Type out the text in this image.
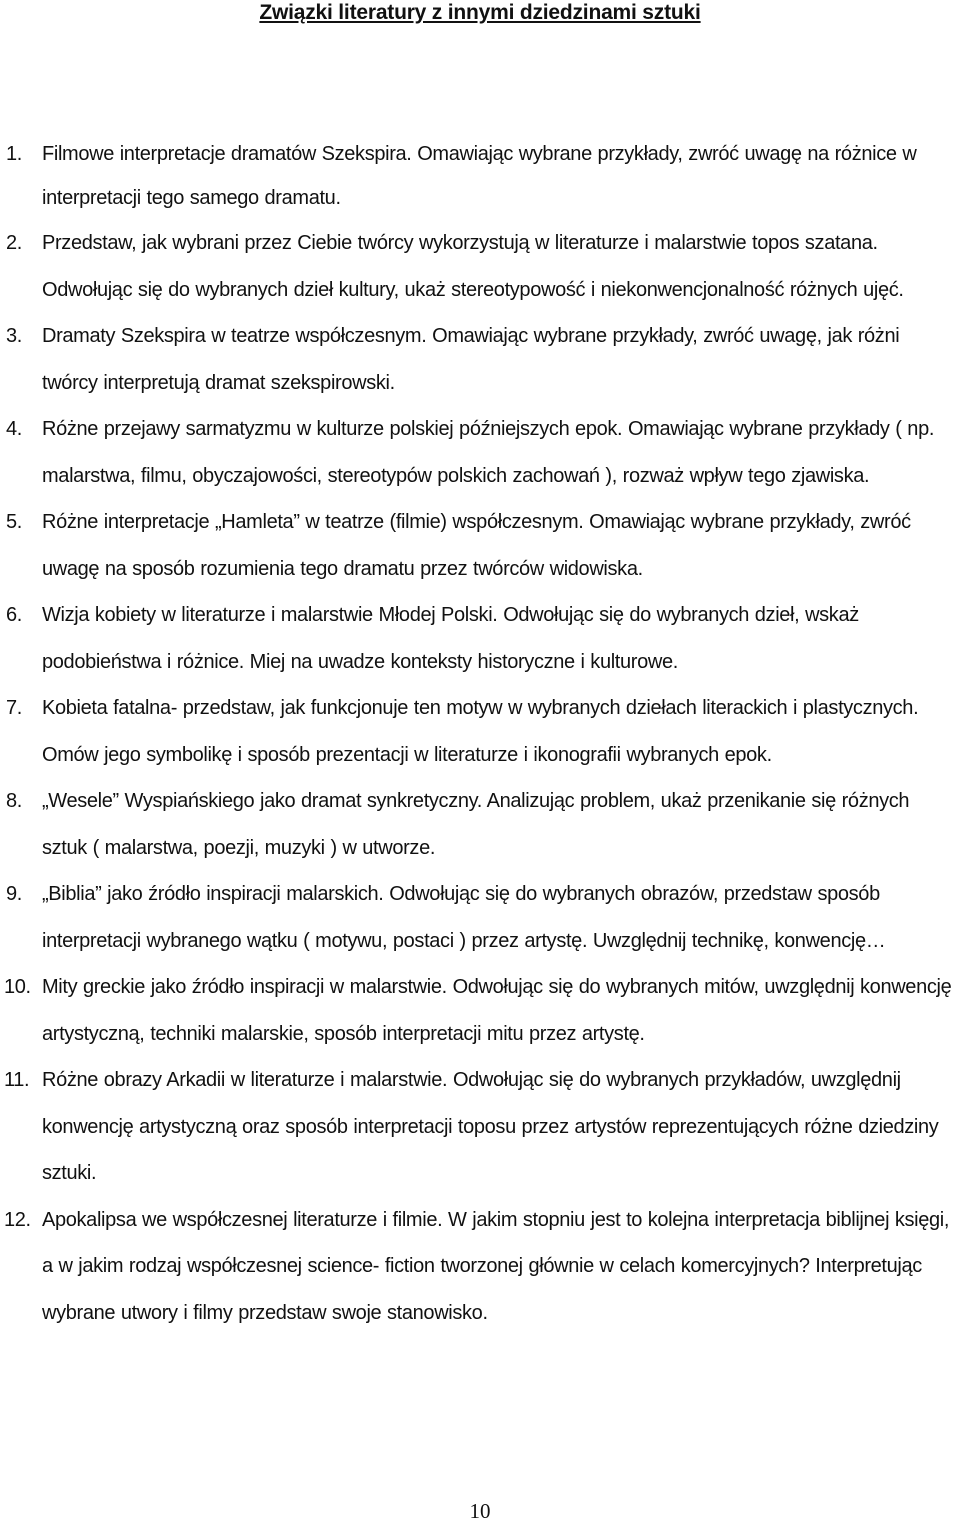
Związki literatury z innymi dziedzinami sztuki
1.	Filmowe interpretacje dramatów Szekspira. Omawiając wybrane przykłady, zwróć uwagę na różnice w interpretacji tego samego dramatu.
2.	Przedstaw, jak wybrani przez Ciebie twórcy wykorzystują w literaturze i malarstwie topos szatana. Odwołując się do wybranych dzieł kultury, ukaż stereotypowość i niekonwencjonalność różnych ujęć.
3.	Dramaty Szekspira w teatrze współczesnym. Omawiając wybrane przykłady, zwróć uwagę, jak różni twórcy interpretują dramat szekspirowski.
4.	Różne przejawy sarmatyzmu w kulturze polskiej późniejszych epok. Omawiając wybrane przykłady ( np. malarstwa, filmu, obyczajowości, stereotypów polskich zachowań ), rozważ wpływ tego zjawiska.
5.	Różne interpretacje „Hamleta” w teatrze (filmie) współczesnym. Omawiając wybrane przykłady, zwróć uwagę na sposób rozumienia tego dramatu przez twórców widowiska.
6.	Wizja kobiety w literaturze i malarstwie Młodej Polski. Odwołując się do wybranych dzieł, wskaż podobieństwa i różnice. Miej na uwadze konteksty historyczne i kulturowe.
7.	Kobieta fatalna- przedstaw, jak funkcjonuje ten motyw w wybranych dziełach literackich i plastycznych. Omów jego symbolikę i sposób prezentacji w literaturze i ikonografii wybranych epok.
8.	„Wesele” Wyspiańskiego jako dramat synkretyczny. Analizując problem, ukaż przenikanie się różnych sztuk ( malarstwa, poezji, muzyki ) w utworze.
9.	„Biblia” jako źródło inspiracji malarskich. Odwołując się do wybranych obrazów, przedstaw sposób interpretacji wybranego wątku ( motywu, postaci ) przez artystę. Uwzględnij technikę, konwencję…
10. Mity greckie jako źródło inspiracji w malarstwie. Odwołując się do wybranych mitów, uwzględnij konwencję artystyczną, techniki malarskie, sposób interpretacji mitu przez artystę.
11. Różne obrazy Arkadii w literaturze i malarstwie. Odwołując się do wybranych przykładów, uwzględnij konwencję artystyczną oraz sposób interpretacji toposu przez artystów reprezentujących różne dziedziny sztuki.
12. Apokalipsa we współczesnej literaturze i filmie. W jakim stopniu jest to kolejna interpretacja biblijnej księgi, a w jakim rodzaj współczesnej science- fiction tworzonej głównie w celach komercyjnych? Interpretując wybrane utwory i filmy przedstaw swoje stanowisko.
10
